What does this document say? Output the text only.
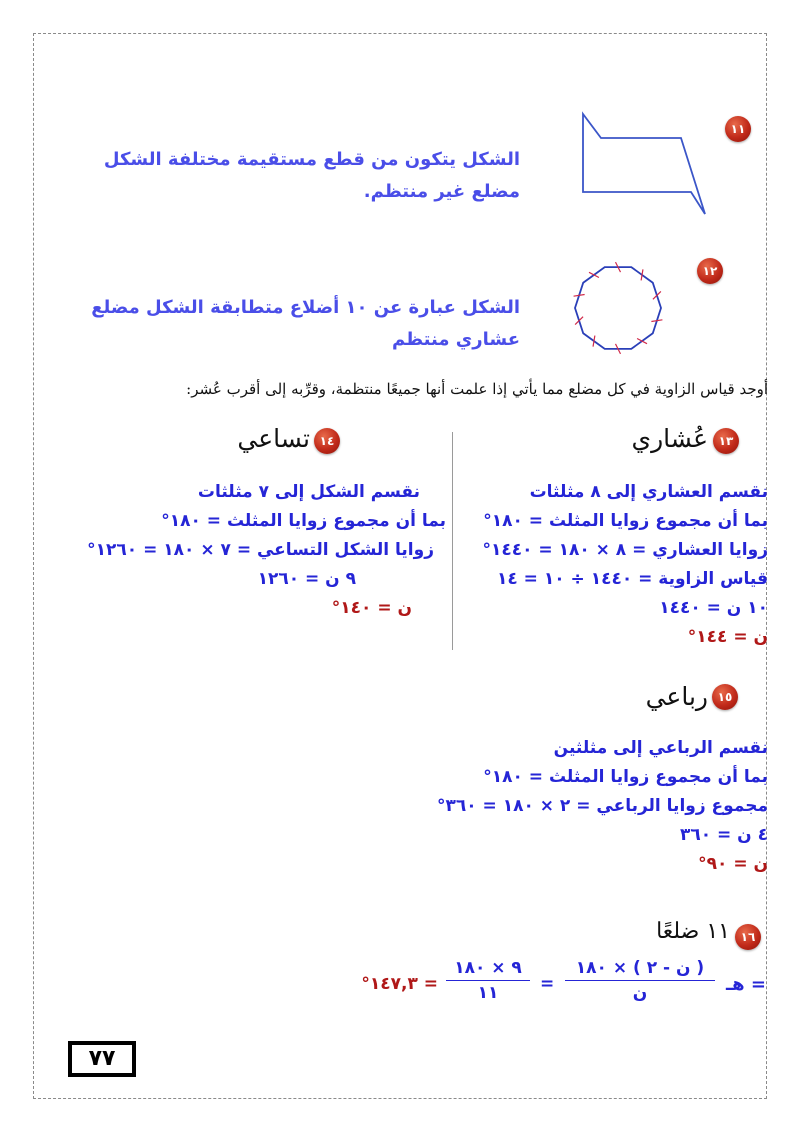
١١
الشكل يتكون من قطع مستقيمة مختلفة الشكل مضلع غير منتظم.
١٢
الشكل عبارة عن ١٠ أضلاع متطابقة الشكل مضلع عشاري منتظم
أوجد قياس الزاوية في كل مضلع مما يأتي إذا علمت أنها جميعًا منتظمة، وقرِّبه إلى أقرب عُشر:
١٣
عُشاري
نقسم العشاري إلى ٨ مثلثات
بما أن مجموع زوايا المثلث = ١٨٠°
زوايا العشاري = ٨ × ١٨٠ = ١٤٤٠°
قياس الزاوية = ١٤٤٠ ÷ ١٠ = ١٤
١٠ ن = ١٤٤٠
ن = ١٤٤°
١٤
تساعي
نقسم الشكل إلى ٧ مثلثات
بما أن مجموع زوايا المثلث = ١٨٠°
زوايا الشكل التساعي = ٧ × ١٨٠ = ١٢٦٠°
٩ ن = ١٢٦٠
ن = ١٤٠°
١٥
رباعي
نقسم الرباعي إلى مثلثين
بما أن مجموع زوايا المثلث = ١٨٠°
مجموع زوايا الرباعي = ٢ × ١٨٠ = ٣٦٠°
٤ ن = ٣٦٠
ن = ٩٠°
١٦
١١ ضلعًا
هـ =
( ن - ٢ ) × ١٨٠
ن
=
٩ × ١٨٠
١١
= ١٤٧,٣°
٧٧
